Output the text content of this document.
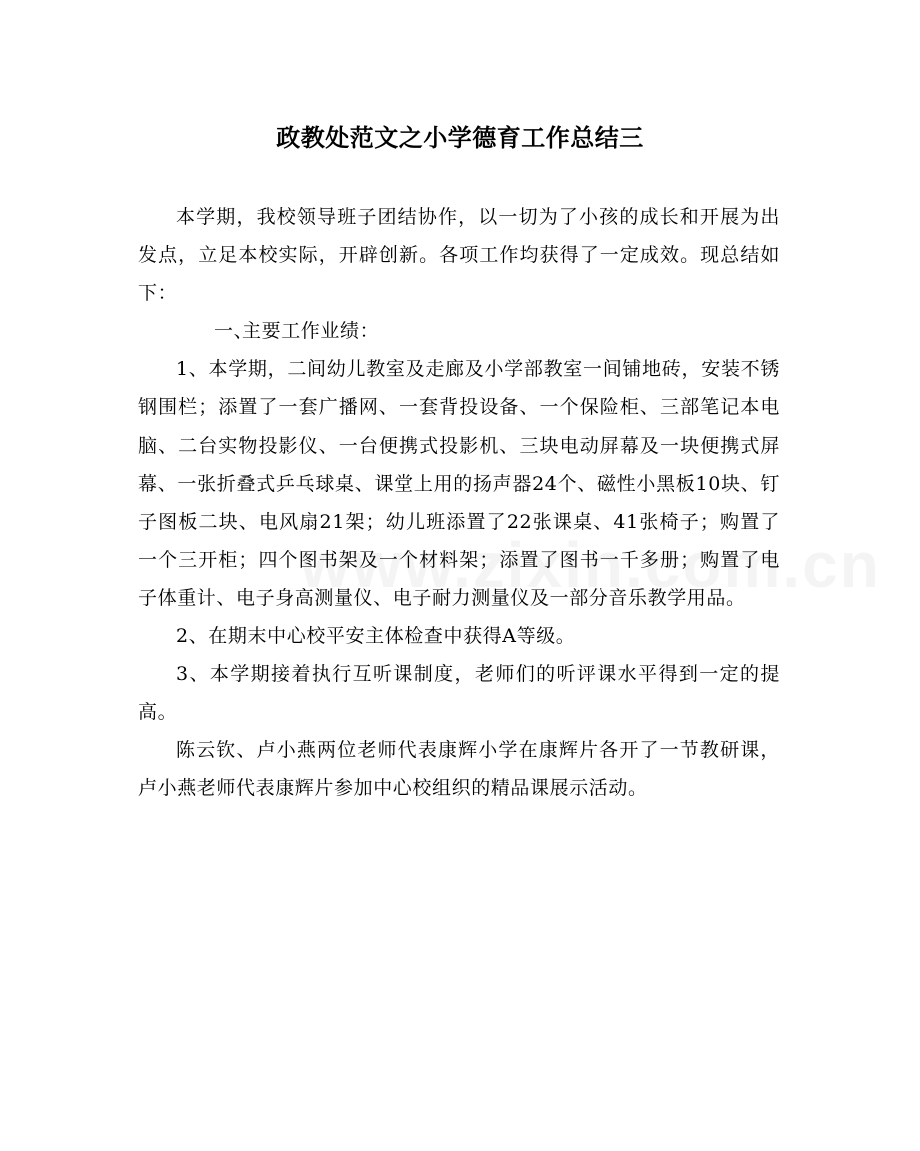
政教处范文之小学德育工作总结三

本学期，我校领导班子团结协作，以一切为了小孩的成长和开展为出发点，立足本校实际，开辟创新。各项工作均获得了一定成效。现总结如下：

一、主要工作业绩：

1、本学期，二间幼儿教室及走廊及小学部教室一间铺地砖，安装不锈钢围栏；添置了一套广播网、一套背投设备、一个保险柜、三部笔记本电脑、二台实物投影仪、一台便携式投影机、三块电动屏幕及一块便携式屏幕、一张折叠式乒乓球桌、课堂上用的扬声器24个、磁性小黑板10块、钉子图板二块、电风扇21架；幼儿班添置了22张课桌、41张椅子；购置了一个三开柜；四个图书架及一个材料架；添置了图书一千多册；购置了电子体重计、电子身高测量仪、电子耐力测量仪及一部分音乐教学用品。

2、在期末中心校平安主体检查中获得A等级。

3、本学期接着执行互听课制度，老师们的听评课水平得到一定的提高。

陈云钦、卢小燕两位老师代表康辉小学在康辉片各开了一节教研课，卢小燕老师代表康辉片参加中心校组织的精品课展示活动。
